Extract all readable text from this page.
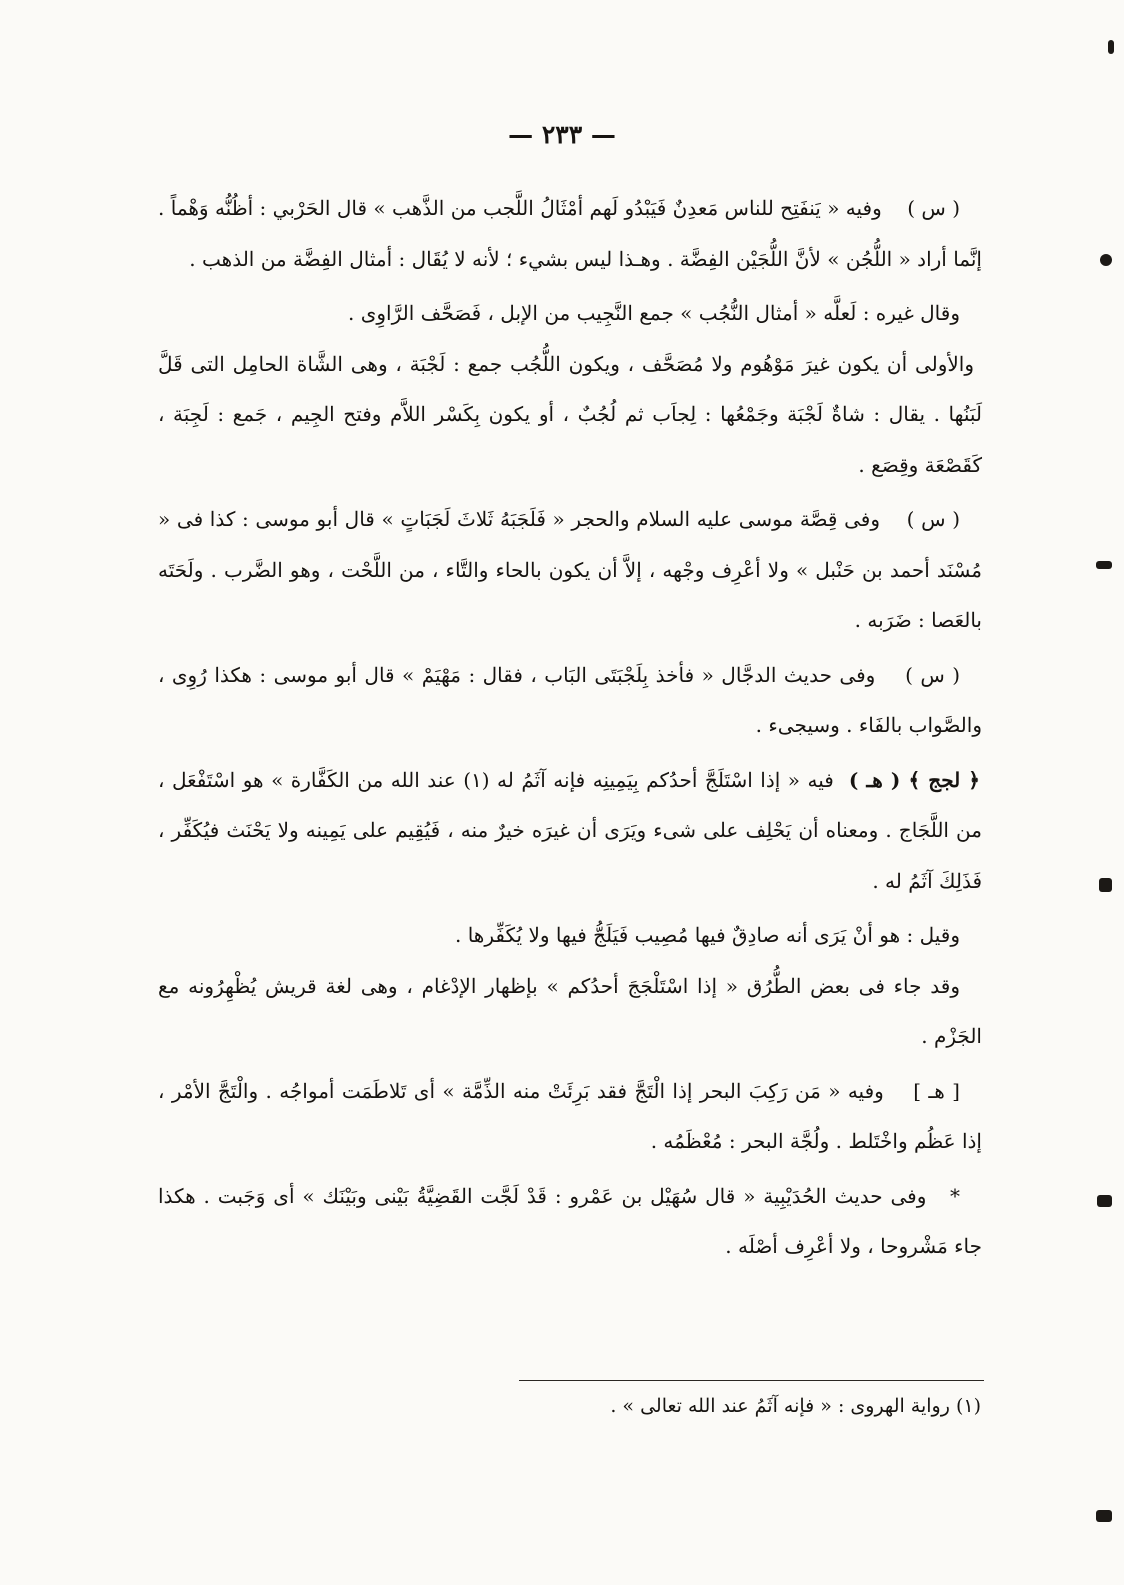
— ٢٣٣ —

( س )    وفيه « يَنفَتِح للناس مَعدِنٌ فَيَبْدُو لَهم أمْثَالُ اللَّجب من الذَّهب » قال الحَرْبي : أظُنُّه وَهْماً . إنَّما أراد « اللُّجُن » لأنَّ اللُّجَيْن الفِضَّة . وهـذا ليس بشيء ؛ لأنه لا يُقَال : أمثال الفِضَّة من الذهب .

وقال غيره : لَعلَّه « أمثال النُّجُب » جمع النَّجِيب من الإبل ، فَصَحَّف الرَّاوِى .

والأولى أن يكون غيرَ مَوْهُوم ولا مُصَحَّف ، ويكون اللُّجُب جمع : لَجْبَة ، وهى الشَّاة الحامِل التى قَلَّ لَبَنُها . يقال : شاةٌ لَجْبَة وجَمْعُها : لِجاَب ثم لُجُبٌ ، أو يكون بِكَسْر اللاَّم وفتح الجِيم ، جَمع : لَجِبَة ، كَقَصْعَة وقِصَع .

( س )    وفى قِصَّة موسى عليه السلام والحجر « فَلَجَبَهُ ثَلاثَ لَجَبَاتٍ » قال أبو موسى : كذا فى « مُسْنَد أحمد بن حَنْبل » ولا أعْرِف وجْهه ، إلاَّ أن يكون بالحاء والتَّاء ، من اللَّحْت ، وهو الضَّرب . ولَحَتَه بالعَصا : ضَرَبه .

( س )    وفى حديث الدجَّال « فأخذ بِلَجْبَتَى البَاب ، فقال : مَهْيَمْ » قال أبو موسى : هكذا رُوِى ، والصَّواب بالفَاء . وسيجىء .

﴿ لجج ﴾ ( هـ )  فيه « إذا اسْتَلَجَّ أحدُكم بِيَمِينِه فإنه آثَمُ له (١) عند الله من الكَفَّارة » هو اسْتَفْعَل ، من اللَّجَاج . ومعناه أن يَحْلِف على شىء ويَرَى أن غيرَه خيرٌ منه ، فَيُقِيم على يَمِينه ولا يَحْنَث فيُكَفِّر ، فَذَلِكَ آثَمُ له .

وقيل : هو أنْ يَرَى أنه صادِقٌ فيها مُصِيب فَيَلَجُّ فيها ولا يُكَفِّرها .

وقد جاء فى بعض الطُّرُق « إذا اسْتَلْجَجَ أحدُكم » بإظهار الإدْغام ، وهى لغة قريش يُظْهِرُونه مع الجَزْم .

[ هـ ]    وفيه « مَن رَكِبَ البحر إذا الْتَجَّ فقد بَرِئَتْ منه الذِّمَّة » أى تَلاطَمَت أمواجُه . والْتَجَّ الأمْر ، إذا عَظُم واخْتَلط . ولُجَّة البحر : مُعْظَمُه .

*   وفى حديث الحُدَيْبِية « قال سُهَيْل بن عَمْرو : قَدْ لَجَّت القَضِيَّةُ بَيْنى وبَيْنَك » أى وَجَبت . هكذا جاء مَشْروحا ، ولا أعْرِف أصْلَه .

(١) رواية الهروى : « فإنه آثَمُ عند الله تعالى » .
